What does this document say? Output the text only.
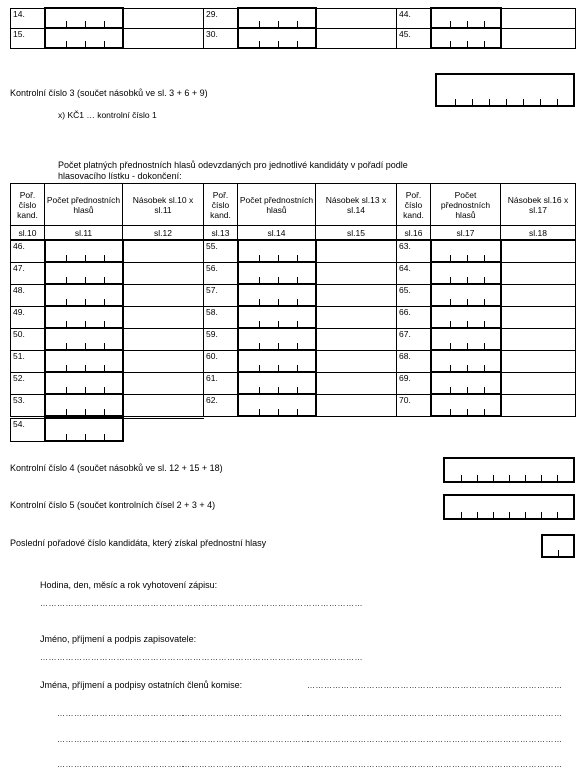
14.			29.			44.	

15.			30.			45.	

Kontrolní číslo 3 (součet násobků ve sl. 3 + 6 + 9)
x) KČ1 … kontrolní číslo 1
Počet platných přednostních hlasů odevzdaných pro jednotlivé kandidáty v pořadí podle
hlasovacího lístku - dokončení:
Poř. číslo kand.	Počet přednostních hlasů	Násobek sl.10 x sl.11	Poř. číslo kand.	Počet přednostních hlasů	Násobek sl.13 x sl.14	Poř. číslo kand.	Počet přednostních hlasů	Násobek sl.16 x sl.17
sl.10	sl.11	sl.12	sl.13	sl.14	sl.15	sl.16	sl.17	sl.18
46.			55.			63.	

47.			56.			64.	

48.			57.			65.	

49.			58.			66.	

50.			59.			67.	

51.			60.			68.	

52.			61.			69.	

53.			62.			70.	

54.	

Kontrolní číslo 4 (součet násobků ve sl. 12 + 15 + 18)
Kontrolní číslo 5 (součet kontrolních čísel 2 + 3 + 4)
Poslední pořadové číslo kandidáta, který získal přednostní hlasy
Hodina, den, měsíc a rok vyhotovení zápisu:
……………………………………………………………………………………………………
Jméno, příjmení a podpis zapisovatele:
……………………………………………………………………………………………………
Jména, příjmení a podpisy ostatních členů komise:	……………………………………… ………………………………………
………………………………………
………………………………………
……………………………………… ………………………………………
………………………………………
………………………………………
……………………………………… ………………………………………
………………………………………
………………………………………
……………………………………… ………………………………………
